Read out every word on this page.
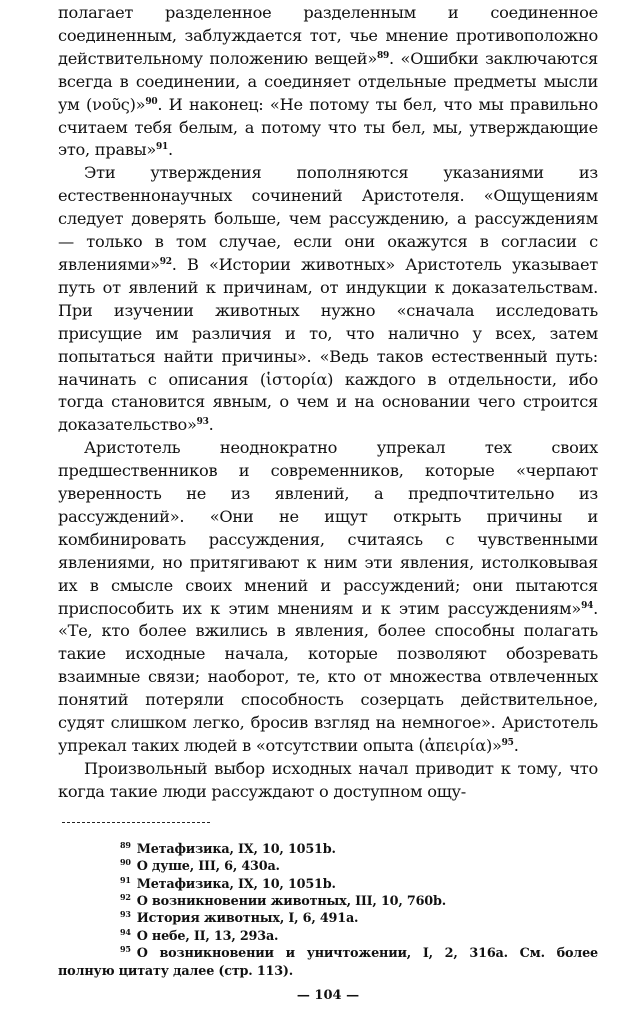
полагает разделенное разделенным и соединенное соединенным, заблуждается тот, чье мнение противоположно действительному положению вещей»$^{89}$. «Ошибки заключаются всегда в соединении, а соединяет отдельные предметы мысли ум (νοῦς)»$^{90}$. И наконец: «Не потому ты бел, что мы правильно считаем тебя белым, а потому что ты бел, мы, утверждающие это, правы»$^{91}$.

Эти утверждения пополняются указаниями из естественнонаучных сочинений Аристотеля. «Ощущениям следует доверять больше, чем рассуждению, а рассуждениям — только в том случае, если они окажутся в согласии с явлениями»$^{92}$. В «Истории животных» Аристотель указывает путь от явлений к причинам, от индукции к доказательствам. При изучении животных нужно «сначала исследовать присущие им различия и то, что налично у всех, затем попытаться найти причины». «Ведь таков естественный путь: начинать с описания (ἱστορία) каждого в отдельности, ибо тогда становится явным, о чем и на основании чего строится доказательство»$^{93}$.

Аристотель неоднократно упрекал тех своих предшественников и современников, которые «черпают уверенность не из явлений, а предпочтительно из рассуждений». «Они не ищут открыть причины и комбинировать рассуждения, считаясь с чувственными явлениями, но притягивают к ним эти явления, истолковывая их в смысле своих мнений и рассуждений; они пытаются приспособить их к этим мнениям и к этим рассуждениям»$^{94}$. «Те, кто более вжились в явления, более способны полагать такие исходные начала, которые позволяют обозревать взаимные связи; наоборот, те, кто от множества отвлеченных понятий потеряли способность созерцать действительное, судят слишком легко, бросив взгляд на немногое». Аристотель упрекал таких людей в «отсутствии опыта (ἀπειρία)»$^{95}$.

Произвольный выбор исходных начал приводит к тому, что когда такие люди рассуждают о доступном ощу-

$^{89}$ Метафизика, IX, 10, 1051b.

$^{90}$ О душе, III, 6, 430a.

$^{91}$ Метафизика, IX, 10, 1051b.

$^{92}$ О возникновении животных, III, 10, 760b.

$^{93}$ История животных, I, 6, 491a.

$^{94}$ О небе, II, 13, 293a.

$^{95}$ О возникновении и уничтожении, I, 2, 316a. См. более полную цитату далее (стр. 113).

— 104 —
